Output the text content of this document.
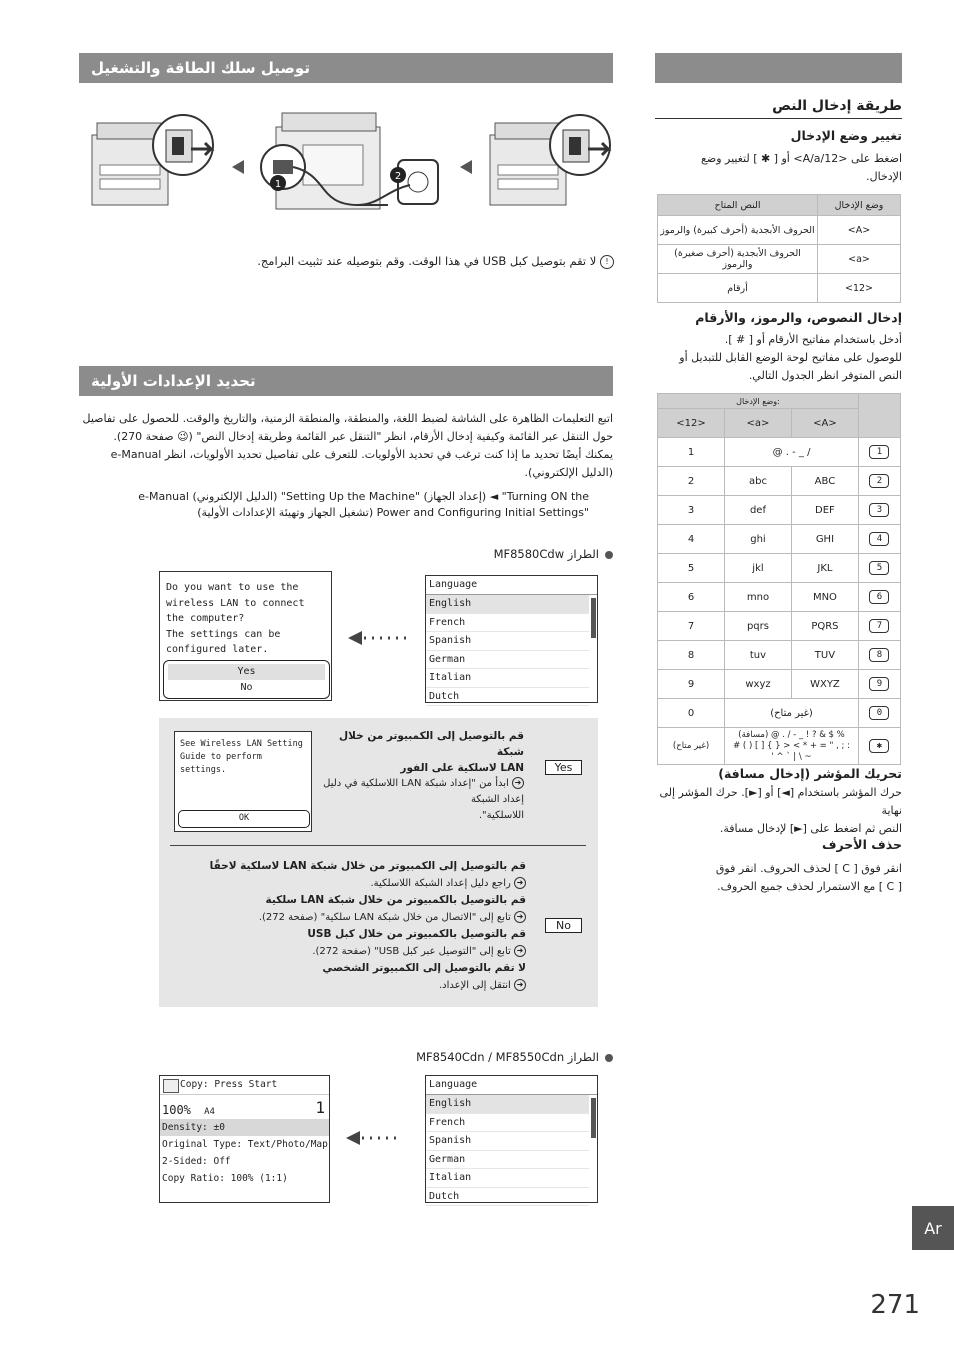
توصيل سلك الطاقة والتشغيل
1
2
! لا تقم بتوصيل كبل USB في هذا الوقت. وقم بتوصيله عند تثبيت البرامج.
تحديد الإعدادات الأولية
اتبع التعليمات الظاهرة على الشاشة لضبط اللغة، والمنطقة، والمنطقة الزمنية، والتاريخ والوقت. للحصول على تفاصيل
حول التنقل عبر القائمة وكيفية إدخال الأرقام، انظر "التنقل عبر القائمة وطريقة إدخال النص" (😉 صفحة 270).
يمكنك أيضًا تحديد ما إذا كنت ترغب في تحديد الأولويات. للتعرف على تفاصيل تحديد الأولويات، انظر e-Manual
(الدليل الإلكتروني).
Turning ON the" ◄ (إعداد الجهاز) "Setting Up the Machine" (الدليل الإلكتروني) e-Manual
"Power and Configuring Initial Settings (تشغيل الجهاز وتهيئة الإعدادات الأولية)
الطراز MF8580Cdw
Do you want to use the
wireless LAN to connect
the computer?
The settings can be
configured later.
Yes
No
Language
English
French
Spanish
German
Italian
Dutch
See Wireless LAN Setting
Guide to perform settings.
OK
قم بالتوصيل إلى الكمبيوتر من خلال شبكة
LAN لاسلكية على الفور
➜ ابدأ من "إعداد شبكة LAN اللاسلكية في دليل إعداد الشبكة
اللاسلكية".
Yes
قم بالتوصيل إلى الكمبيوتر من خلال شبكة LAN لاسلكية لاحقًا
➜ راجع دليل إعداد الشبكة اللاسلكية.
قم بالتوصيل بالكمبيوتر من خلال شبكة LAN سلكية
➜ تابع إلى "الاتصال من خلال شبكة LAN سلكية" (صفحة 272).
قم بالتوصيل بالكمبيوتر من خلال كبل USB
➜ تابع إلى "التوصيل عبر كبل USB" (صفحة 272).
لا تقم بالتوصيل إلى الكمبيوتر الشخصي
➜ انتقل إلى الإعداد.
No
الطراز MF8540Cdn / MF8550Cdn
Copy: Press Start
100% A4	1
Density: ±0
Original Type: Text/Photo/Map
2-Sided: Off
Copy Ratio: 100% (1:1)
Language
English
French
Spanish
German
Italian
Dutch
طريقة إدخال النص
تغيير وضع الإدخال
اضغط على <A/a/12> أو [ ✱ ] لتغيير وضع
الإدخال.
وضع الإدخال	النص المتاح
<A>	الحروف الأبجدية (أحرف كبيرة) والرموز
<a>	الحروف الأبجدية (أحرف صغيرة) والرموز
<12>	أرقام
إدخال النصوص، والرموز، والأرقام
أدخل باستخدام مفاتيح الأرقام أو [ # ].
للوصول على مفاتيح لوحة الوضع القابل للتبديل أو
النص المتوفر انظر الجدول التالي.
وضع الإدخال:			
<12>	<a>	<A>	
1	@ . - _ /		1
2	abc	ABC	2
3	def	DEF	3
4	ghi	GHI	4
5	jkl	JKL	5
6	mno	MNO	6
7	pqrs	PQRS	7
8	tuv	TUV	8
9	wxyz	WXYZ	9
0	(غير متاح)		0
(غير متاح)	(مسافة) @ . / - _ ! ? & $ %
# ( ) [ ] { } > < * + = " , ; :
' ^ ` | \ ~		✱
تحريك المؤشر (إدخال مسافة)
حرك المؤشر باستخدام [◄] أو [►]. حرك المؤشر إلى نهاية
النص ثم اضغط على [►] لإدخال مسافة.
حذف الأحرف
انقر فوق [ C ] لحذف الحروف. انقر فوق
[ C ] مع الاستمرار لحذف جميع الحروف.
Ar
271
